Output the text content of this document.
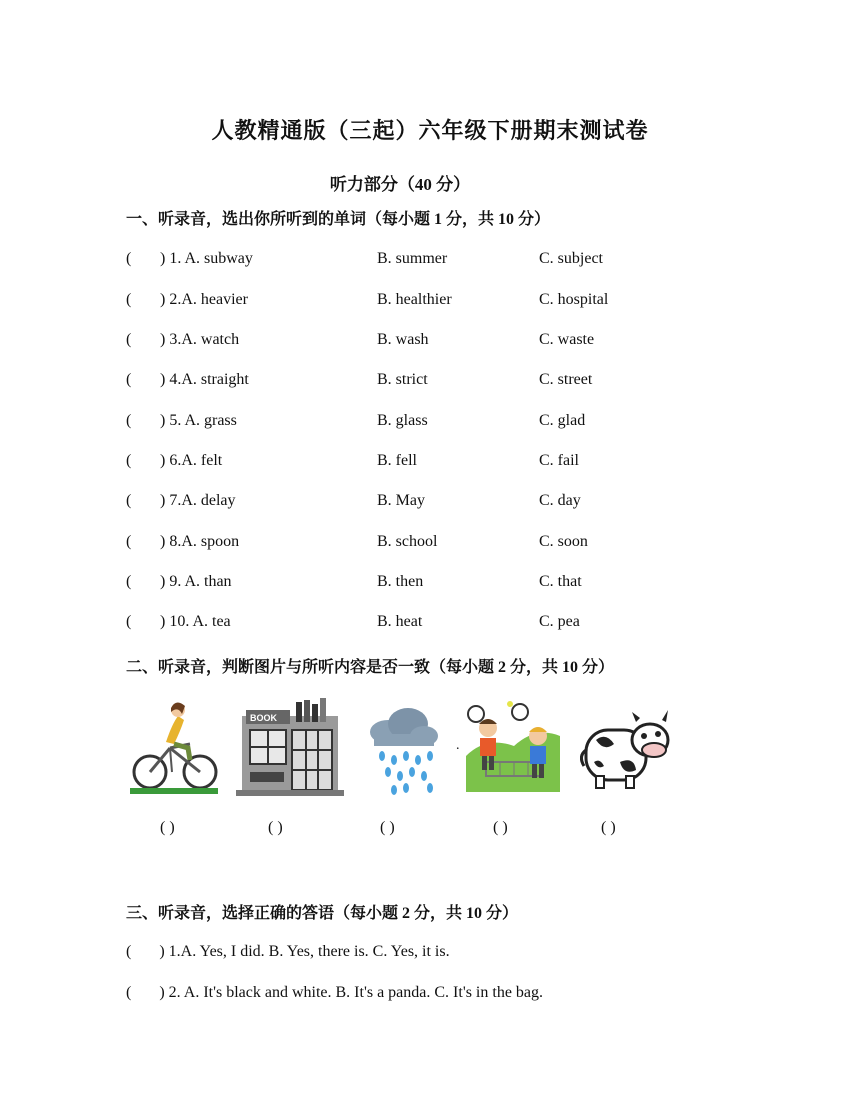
人教精通版（三起）六年级下册期末测试卷
听力部分（40 分）
一、听录音，选出你所听到的单词（每小题 1 分，共 10 分）
( ) 1. A. subway	B. summer	C. subject
( ) 2.A. heavier	B. healthier	C. hospital
( ) 3.A. watch	B. wash	C. waste
( ) 4.A. straight	B. strict	C. street
( ) 5. A. grass	B. glass	C. glad
( ) 6.A. felt	B. fell	C. fail
( ) 7.A. delay	B. May	C. day
( ) 8.A. spoon	B. school	C. soon
( ) 9. A. than	B. then	C. that
( ) 10. A. tea	B. heat	C. pea
二、听录音，判断图片与所听内容是否一致（每小题 2 分，共 10 分）
BOOK
.
( )	( )	( )	( )	( )
三、听录音，选择正确的答语（每小题 2 分，共 10 分）
( ) 1.A. Yes, I did. B. Yes, there is. C. Yes, it is.
( ) 2. A. It's black and white. B. It's a panda. C. It's in the bag.
